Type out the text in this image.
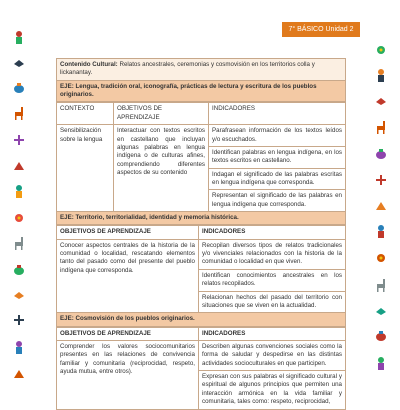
7° BÁSICO Unidad 2
Contenido Cultural: Relatos ancestrales, ceremonias y cosmovisión en los territorios colla y lickanantay.
EJE: Lengua, tradición oral, iconografía, prácticas de lectura y escritura de los pueblos originarios.
CONTEXTO	OBJETIVOS DE APRENDIZAJE	INDICADORES
Sensibilización sobre la lengua	Interactuar con textos escritos en castellano que incluyan algunas palabras en lengua indígena o de culturas afines, comprendiendo diferentes aspectos de su contenido	Parafrasean información de los textos leídos y/o escuchados.
		Identifican palabras en lengua indígena, en los textos escritos en castellano.
		Indagan el significado de las palabras escritas en lengua indígena que corresponda.
		Representan el significado de las palabras en lengua indígena que corresponda.
EJE: Territorio, territorialidad, identidad y memoria histórica.
OBJETIVOS DE APRENDIZAJE	INDICADORES
Conocer aspectos centrales de la historia de la comunidad o localidad, rescatando elementos tanto del pasado como del presente del pueblo indígena que corresponda.	Recopilan diversos tipos de relatos tradicionales y/o vivenciales relacionados con la historia de la comunidad o localidad en que viven.
	Identifican conocimientos ancestrales en los relatos recopilados.
	Relacionan hechos del pasado del territorio con situaciones que se viven en la actualidad.
EJE: Cosmovisión de los pueblos originarios.
OBJETIVOS DE APRENDIZAJE	INDICADORES
Comprender los valores sociocomunitarios presentes en las relaciones de convivencia familiar y comunitaria (reciprocidad, respeto, ayuda mutua, entre otros).	Describen algunas convenciones sociales como la forma de saludar y despedirse en las distintas actividades socioculturales en que participen.
	Expresan con sus palabras el significado cultural y espiritual de algunos principios que permiten una interacción armónica en la vida familiar y comunitaria, tales como: respeto, reciprocidad,
